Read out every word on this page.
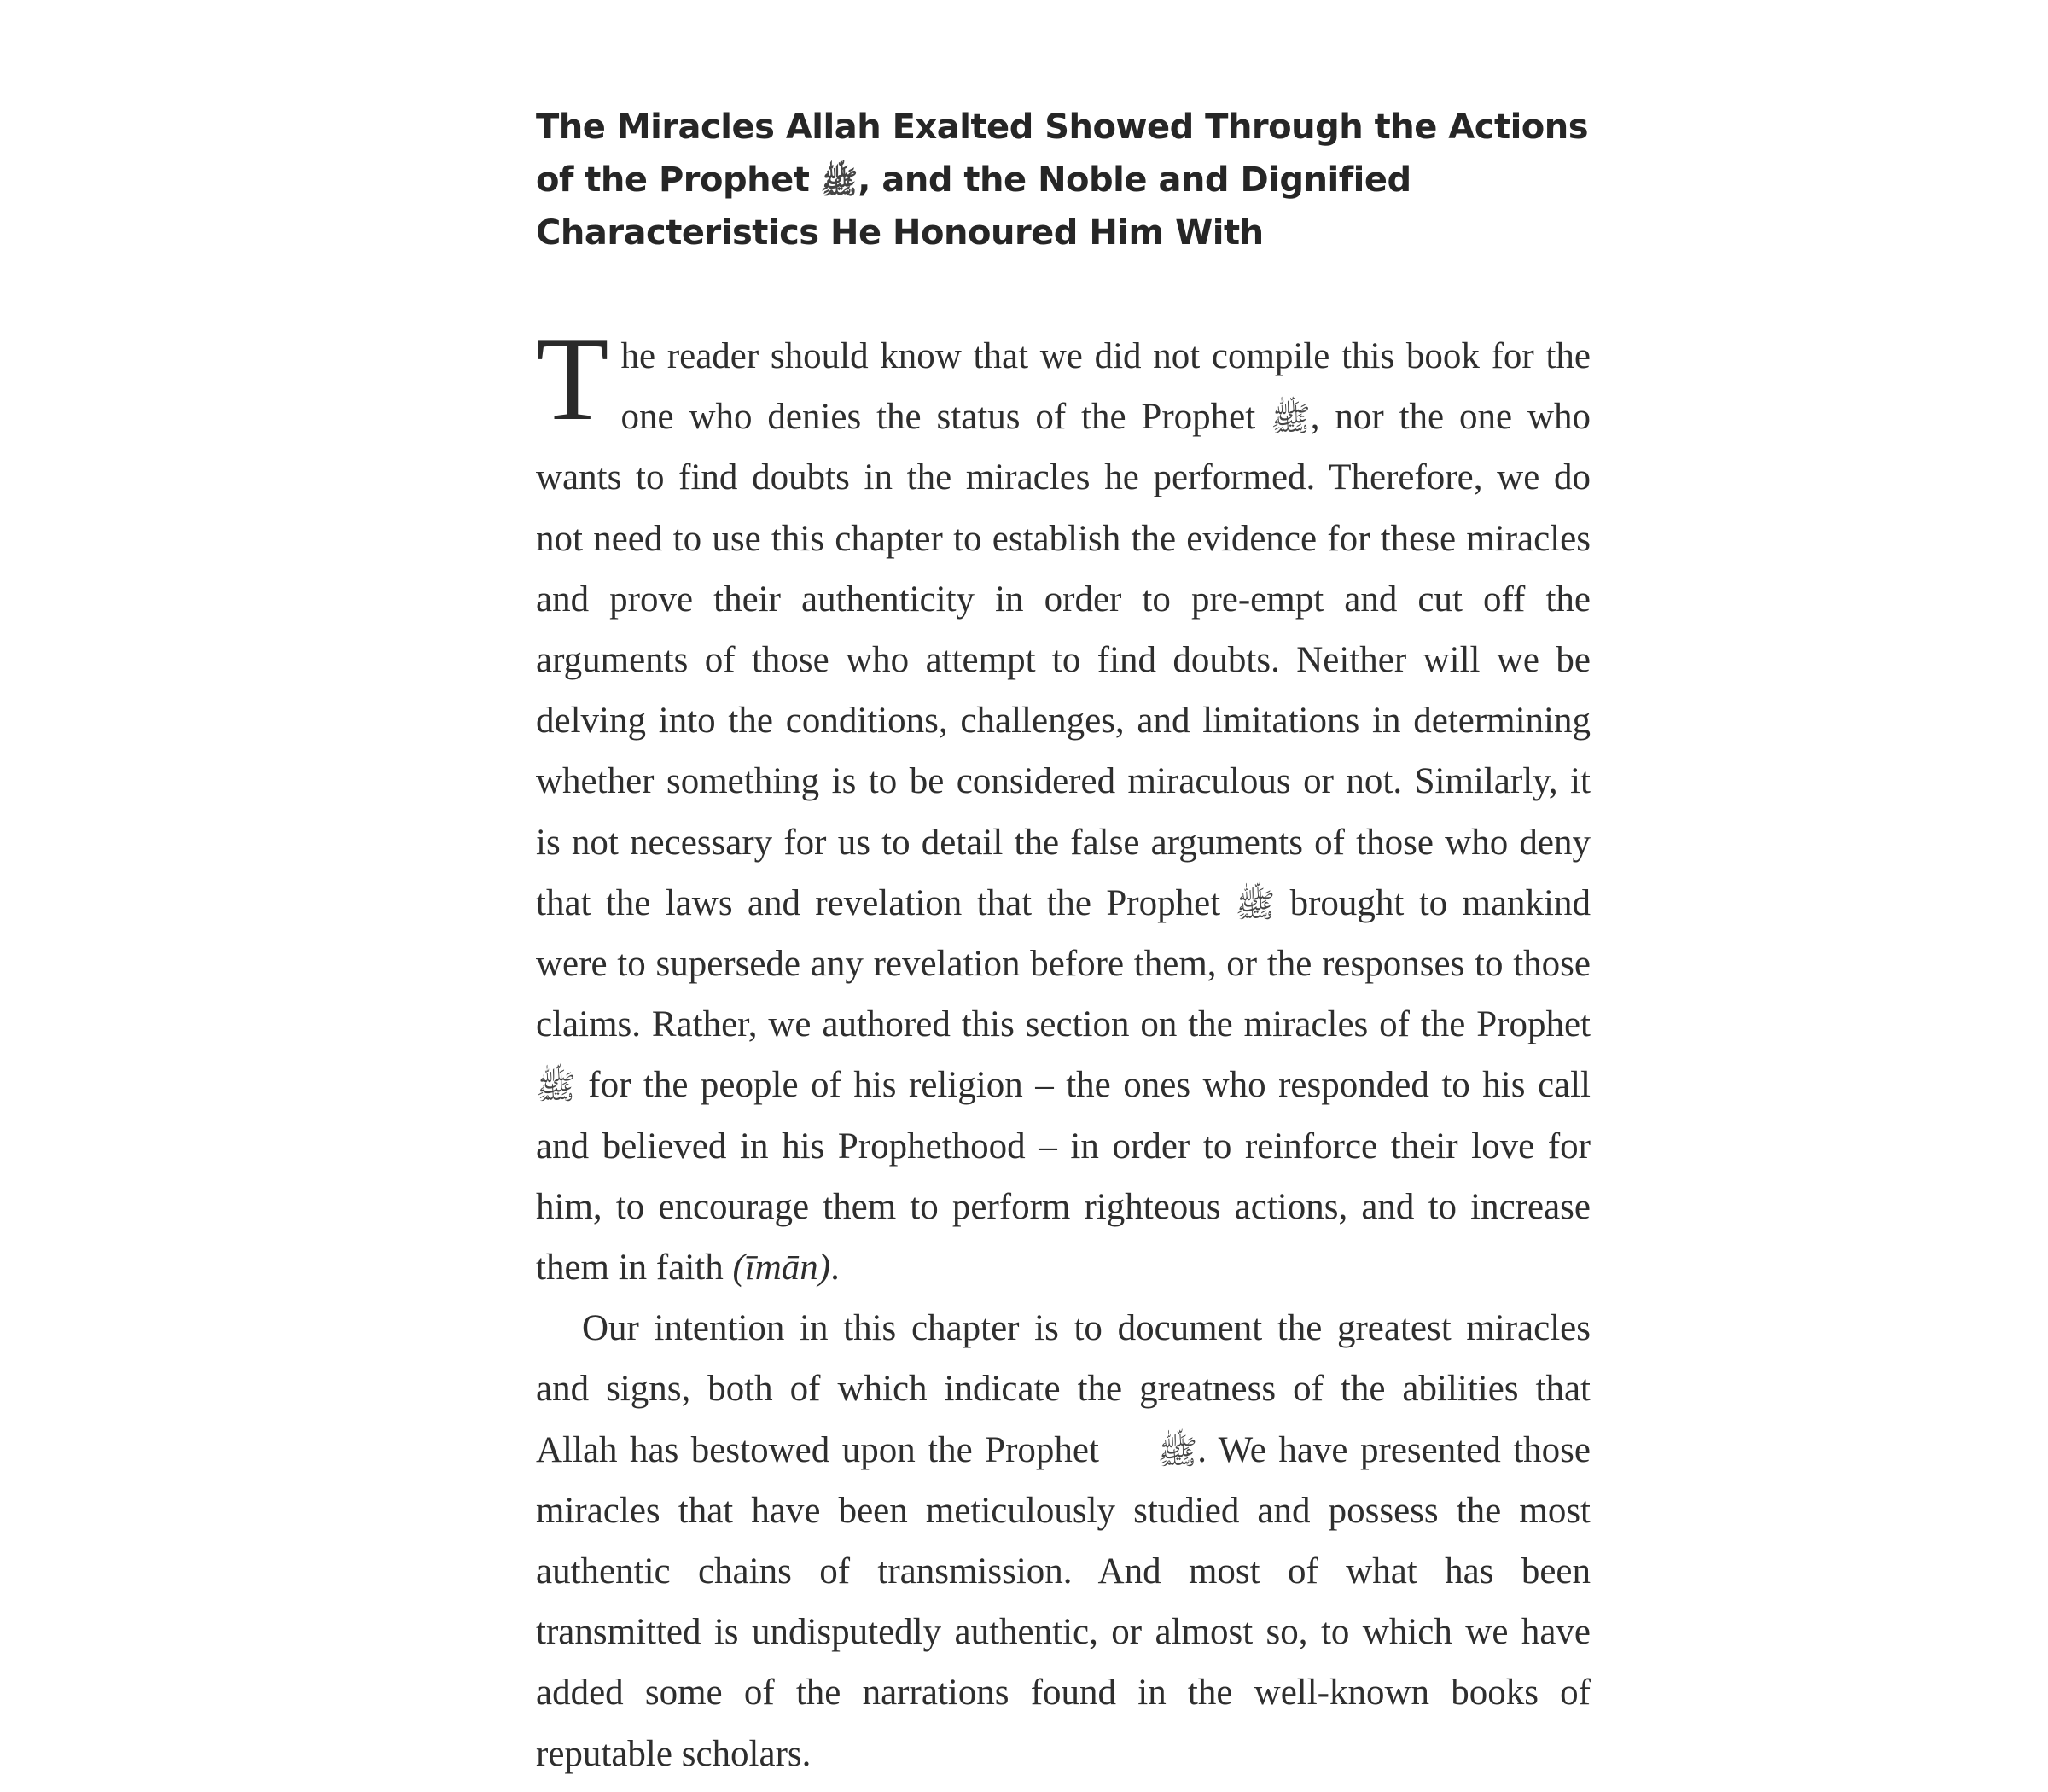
The Miracles Allah Exalted Showed Through the Actions of the Prophet ﷺ, and the Noble and Dignified Characteristics He Honoured Him With

The reader should know that we did not compile this book for the one who denies the status of the Prophet ﷺ, nor the one who wants to find doubts in the miracles he performed. Therefore, we do not need to use this chapter to establish the evidence for these miracles and prove their authenticity in order to pre-empt and cut off the arguments of those who attempt to find doubts. Neither will we be delving into the conditions, challenges, and limitations in determining whether something is to be considered miraculous or not. Similarly, it is not necessary for us to detail the false arguments of those who deny that the laws and revelation that the Prophet ﷺ brought to mankind were to supersede any revelation before them, or the responses to those claims. Rather, we authored this section on the miracles of the Prophet ﷺ for the people of his religion – the ones who responded to his call and believed in his Prophethood – in order to reinforce their love for him, to encourage them to perform righteous actions, and to increase them in faith (īmān).

Our intention in this chapter is to document the greatest miracles and signs, both of which indicate the greatness of the abilities that Allah has bestowed upon the Prophet ﷺ. We have presented those miracles that have been meticulously studied and possess the most authentic chains of transmission. And most of what has been transmitted is undisputedly authentic, or almost so, to which we have added some of the narrations found in the well-known books of reputable scholars.
